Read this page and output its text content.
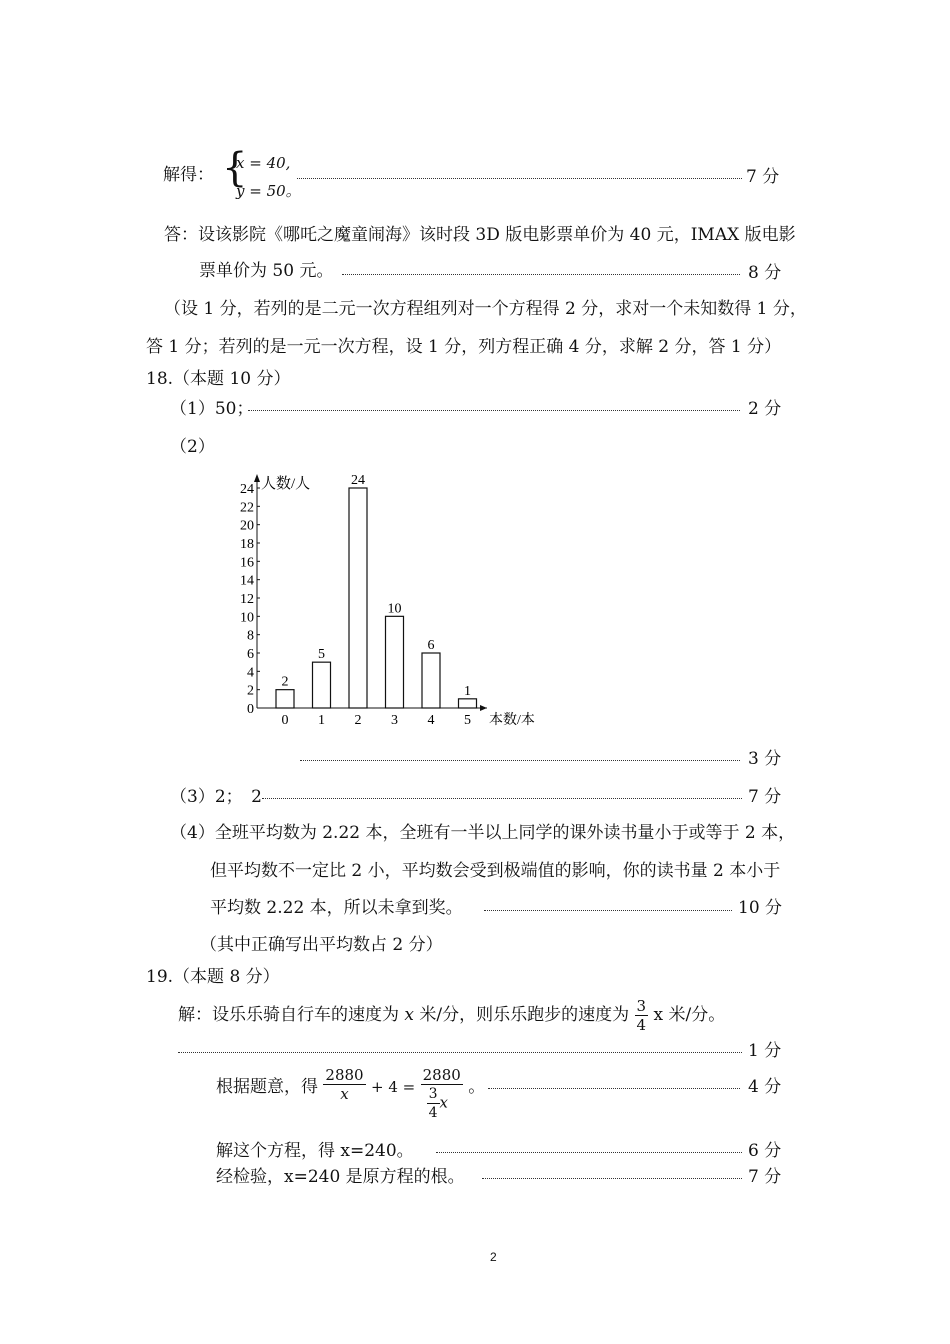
解得： {
x = 40,
y = 50。
7 分
答：设该影院《哪吒之魔童闹海》该时段 3D 版电影票单价为 40 元，IMAX 版电影
票单价为 50 元。	8 分
（设 1 分，若列的是二元一次方程组列对一个方程得 2 分，求对一个未知数得 1 分，
答 1 分；若列的是一元一次方程，设 1 分，列方程正确 4 分，求解 2 分，答 1 分）
18.（本题 10 分）
（1）50；	2 分
（2）
人数/人
本数/本
0
2
4
6
8
10
12
14
16
18
20
22
24
2
0
5
1
24
2
10
3
6
4
1
5
3 分
（3）2；　2	7 分
（4）全班平均数为 2.22 本，全班有一半以上同学的课外读书量小于或等于 2 本，
但平均数不一定比 2 小，平均数会受到极端值的影响，你的读书量 2 本小于
平均数 2.22 本，所以未拿到奖。	10 分
（其中正确写出平均数占 2 分）
19.（本题 8 分）
解：设乐乐骑自行车的速度为 x 米/分，则乐乐跑步的速度为 $\frac{3}{4}$ x 米/分。
1 分
根据题意，得 $\frac{2880}{x} + 4 = \frac{2880}{\frac{3}{4} x}$ 。	4 分
解这个方程，得 x=240。	6 分
经检验，x=240 是原方程的根。	7 分
2
